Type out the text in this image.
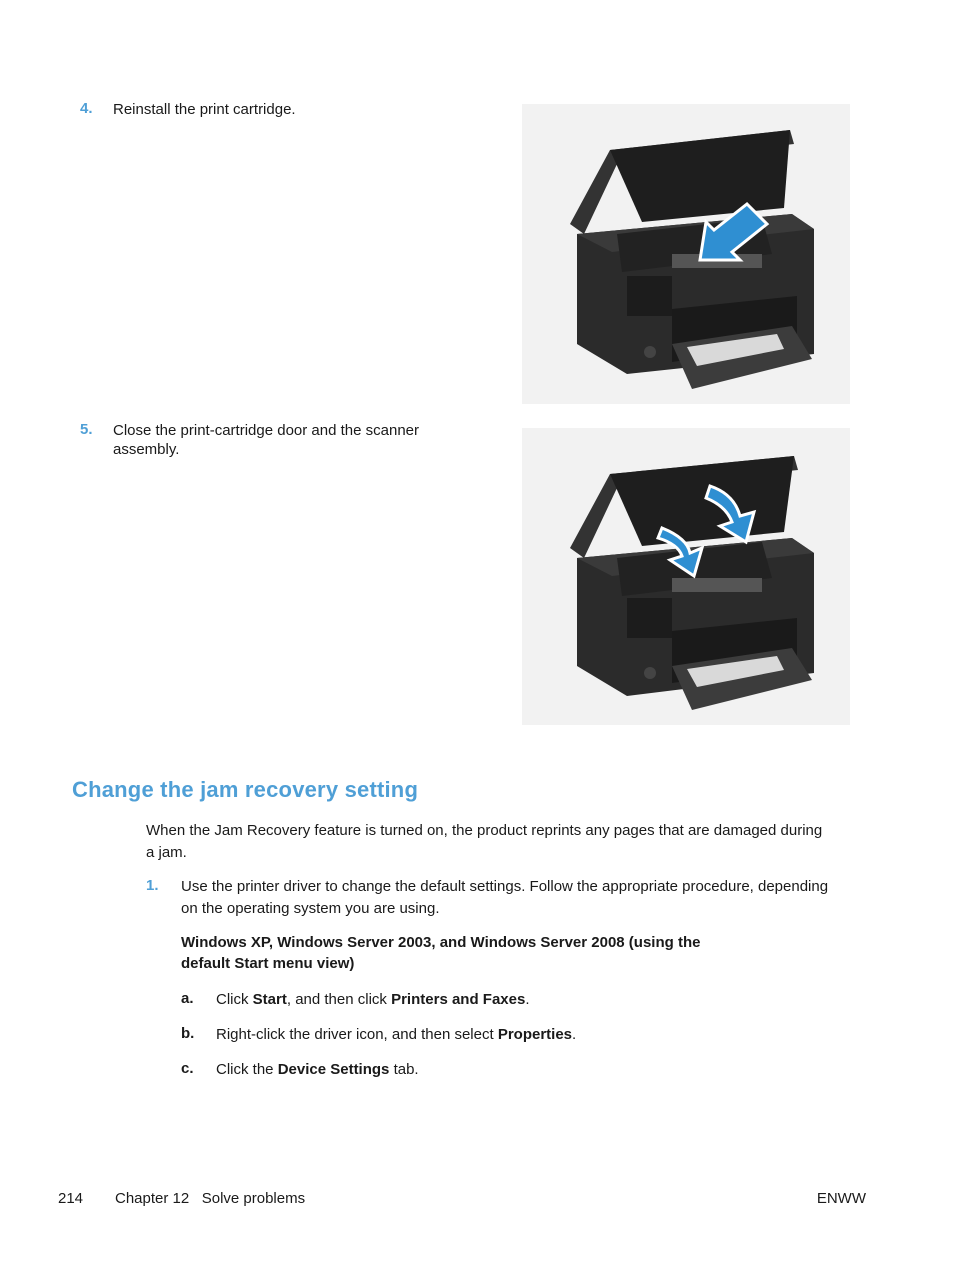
4. Reinstall the print cartridge.
5. Close the print-cartridge door and the scanner
assembly.
Change the jam recovery setting
When the Jam Recovery feature is turned on, the product reprints any pages that are damaged during
a jam.
1. Use the printer driver to change the default settings. Follow the appropriate procedure, depending
on the operating system you are using.
Windows XP, Windows Server 2003, and Windows Server 2008 (using the
default Start menu view)
a. Click Start, and then click Printers and Faxes.
b. Right-click the driver icon, and then select Properties.
c. Click the Device Settings tab.
214 Chapter 12   Solve problems	ENWW
